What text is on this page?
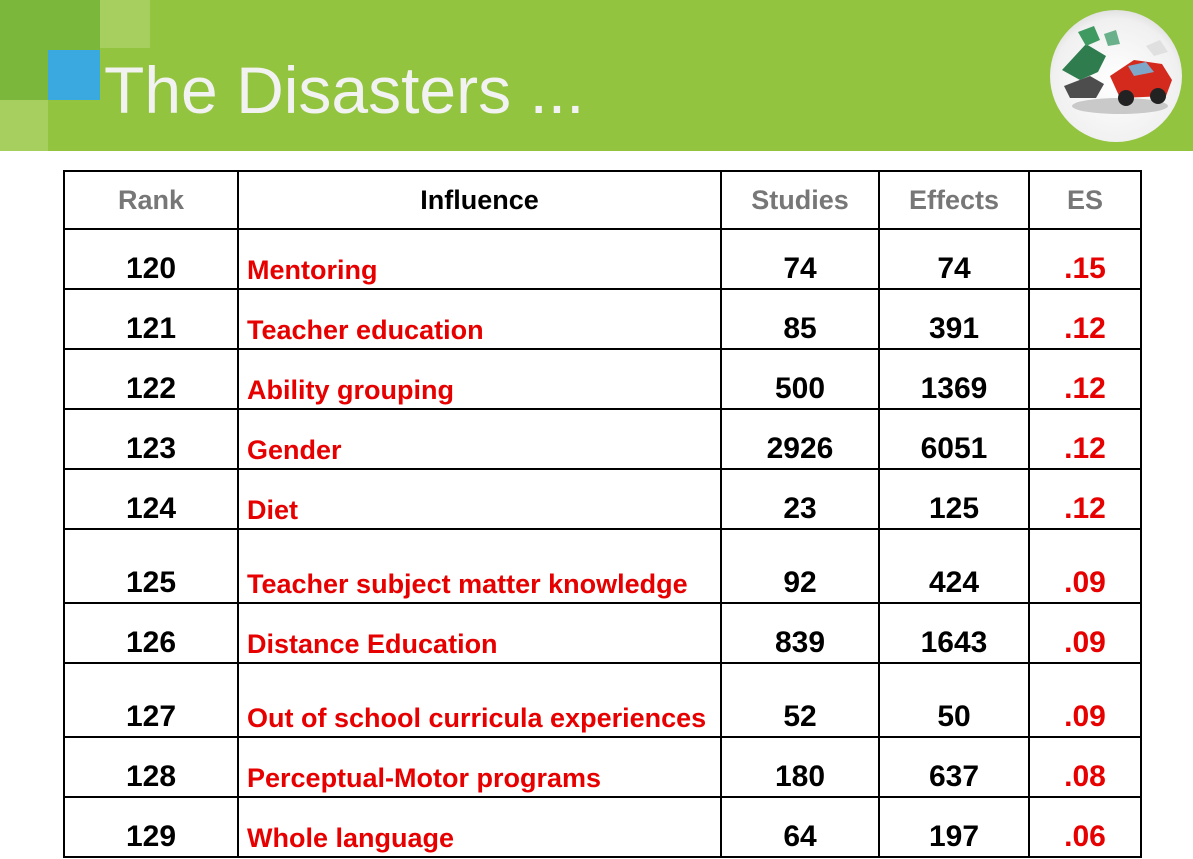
The Disasters ...
Rank	Influence	Studies	Effects	ES
120	Mentoring	74	74	.15
121	Teacher education	85	391	.12
122	Ability grouping	500	1369	.12
123	Gender	2926	6051	.12
124	Diet	23	125	.12
125	Teacher subject matter knowledge	92	424	.09
126	Distance Education	839	1643	.09
127	Out of school curricula experiences	52	50	.09
128	Perceptual-Motor programs	180	637	.08
129	Whole language	64	197	.06
